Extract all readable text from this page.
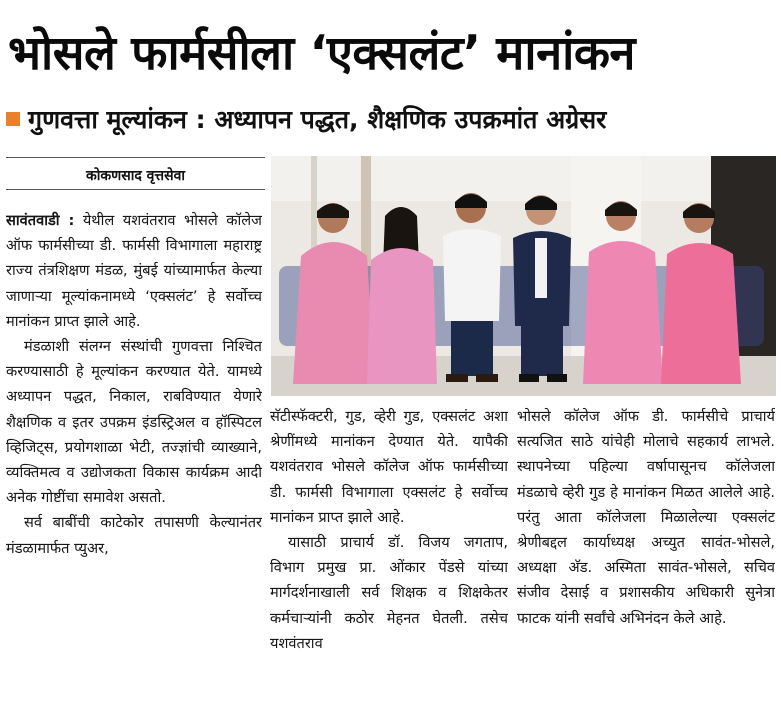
भोसले फार्मसीला ‘एक्सलंट’ मानांकन
गुणवत्ता मूल्यांकन : अध्यापन पद्धत, शैक्षणिक उपक्रमांत अग्रेसर
कोकणसाद वृत्तसेवा

सावंतवाडी : येथील यशवंतराव भोसले कॉलेज ऑफ फार्मसीच्या डी. फार्मसी विभागाला महाराष्ट्र राज्य तंत्रशिक्षण मंडळ, मुंबई यांच्यामार्फत केल्या जाणाऱ्या मूल्यांकनामध्ये ‘एक्सलंट’ हे सर्वोच्च मानांकन प्राप्त झाले आहे.

मंडळाशी संलग्न संस्थांची गुणवत्ता निश्चित करण्यासाठी हे मूल्यांकन करण्यात येते. यामध्ये अध्यापन पद्धत, निकाल, राबविण्यात येणारे शैक्षणिक व इतर उपक्रम इंडस्ट्रिअल व हॉस्पिटल व्हिजिट्स, प्रयोगशाळा भेटी, तज्ज्ञांची व्याख्याने, व्यक्तिमत्व व उद्योजकता विकास कार्यक्रम आदी अनेक गोष्टींचा समावेश असतो.

सर्व बाबींची काटेकोर तपासणी केल्यानंतर मंडळामार्फत प्युअर,

सॅटीस्फॅक्टरी, गुड, व्हेरी गुड, एक्सलंट अशा श्रेणींमध्ये मानांकन देण्यात येते. यापैकी यशवंतराव भोसले कॉलेज ऑफ फार्मसीच्या डी. फार्मसी विभागाला एक्सलंट हे सर्वोच्च मानांकन प्राप्त झाले आहे.

यासाठी प्राचार्य डॉ. विजय जगताप, विभाग प्रमुख प्रा. ओंकार पेंडसे यांच्या मार्गदर्शनाखाली सर्व शिक्षक व शिक्षकेतर कर्मचाऱ्यांनी कठोर मेहनत घेतली. तसेच यशवंतराव

भोसले कॉलेज ऑफ डी. फार्मसीचे प्राचार्य सत्यजित साठे यांचेही मोलाचे सहकार्य लाभले. स्थापनेच्या पहिल्या वर्षापासूनच कॉलेजला मंडळाचे व्हेरी गुड हे मानांकन मिळत आलेले आहे. परंतु आता कॉलेजला मिळालेल्या एक्सलंट श्रेणीबद्दल कार्याध्यक्ष अच्युत सावंत-भोसले, अध्यक्षा अ‍ॅड. अस्मिता सावंत-भोसले, सचिव संजीव देसाई व प्रशासकीय अधिकारी सुनेत्रा फाटक यांनी सर्वांचे अभिनंदन केले आहे.
